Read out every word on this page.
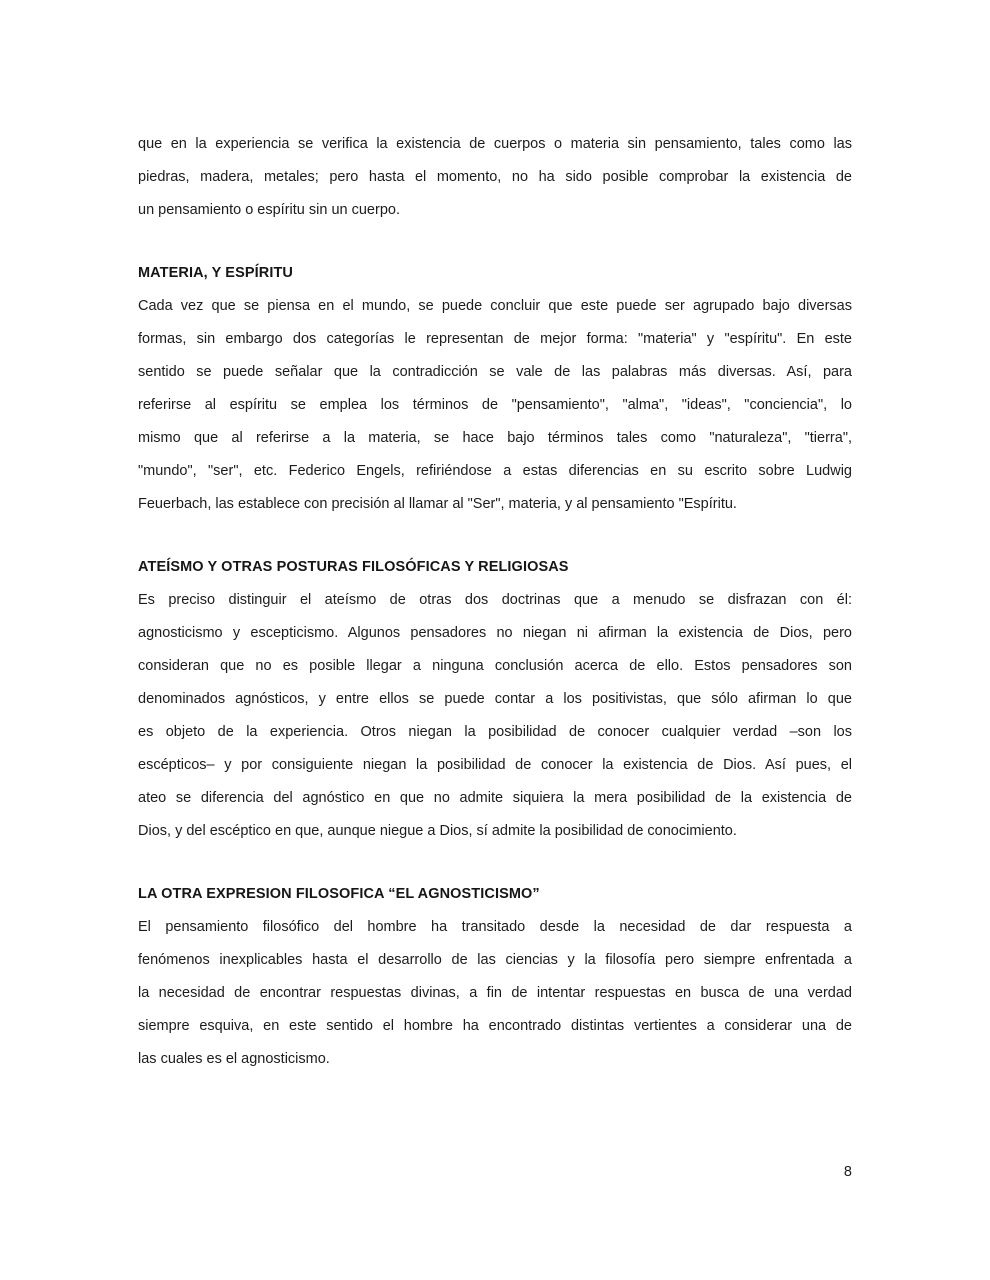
que en la experiencia se verifica la existencia de cuerpos o materia sin pensamiento, tales como las
piedras, madera, metales; pero hasta el momento, no ha sido posible comprobar la existencia de
un pensamiento o espíritu sin un cuerpo.

MATERIA, Y ESPÍRITU

Cada vez que se piensa en el mundo, se puede concluir que este puede ser agrupado bajo diversas
formas, sin embargo dos categorías le representan de mejor forma: "materia" y "espíritu". En este
sentido se puede señalar que la contradicción se vale de las palabras más diversas. Así, para
referirse al espíritu se emplea los términos de "pensamiento", "alma", "ideas", "conciencia", lo
mismo que al referirse a la materia, se hace bajo términos tales como "naturaleza", "tierra",
"mundo", "ser", etc. Federico Engels, refiriéndose a estas diferencias en su escrito sobre Ludwig
Feuerbach, las establece con precisión al llamar al "Ser", materia, y al pensamiento "Espíritu.

ATEÍSMO Y OTRAS POSTURAS FILOSÓFICAS Y RELIGIOSAS

Es preciso distinguir el ateísmo de otras dos doctrinas que a menudo se disfrazan con él:
agnosticismo y escepticismo. Algunos pensadores no niegan ni afirman la existencia de Dios, pero
consideran que no es posible llegar a ninguna conclusión acerca de ello. Estos pensadores son
denominados agnósticos, y entre ellos se puede contar a los positivistas, que sólo afirman lo que
es objeto de la experiencia. Otros niegan la posibilidad de conocer cualquier verdad –son los
escépticos– y por consiguiente niegan la posibilidad de conocer la existencia de Dios. Así pues, el
ateo se diferencia del agnóstico en que no admite siquiera la mera posibilidad de la existencia de
Dios, y del escéptico en que, aunque niegue a Dios, sí admite la posibilidad de conocimiento.

LA OTRA EXPRESION FILOSOFICA “EL AGNOSTICISMO”

El pensamiento filosófico del hombre ha transitado desde la necesidad de dar respuesta a
fenómenos inexplicables hasta el desarrollo de las ciencias y la filosofía pero siempre enfrentada a
la necesidad de encontrar respuestas divinas, a fin de intentar respuestas en busca de una verdad
siempre esquiva, en este sentido el hombre ha encontrado distintas vertientes a considerar una de
las cuales es el agnosticismo.

8
